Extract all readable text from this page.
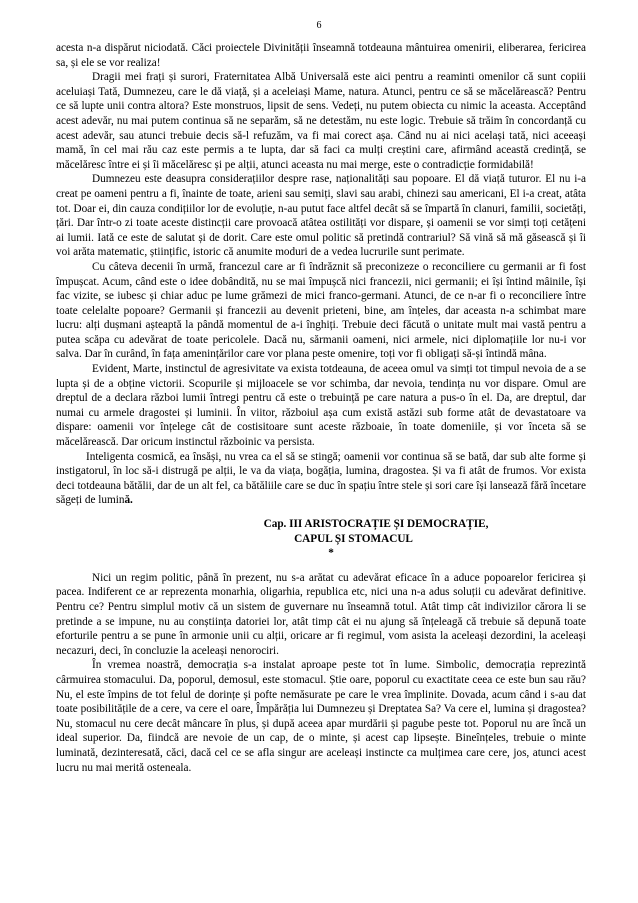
6

acesta n-a dispărut niciodată. Căci proiectele Divinității înseamnă totdeauna mântuirea omenirii, eliberarea, fericirea sa, și ele se vor realiza!

Dragii mei frați și surori, Fraternitatea Albă Universală este aici pentru a reaminti omenilor că sunt copiii aceluiași Tată, Dumnezeu, care le dă viață, și a aceleiași Mame, natura. Atunci, pentru ce să se măcelărească? Pentru ce să lupte unii contra altora? Este monstruos, lipsit de sens. Vedeți, nu putem obiecta cu nimic la aceasta. Acceptând acest adevăr, nu mai putem continua să ne separăm, să ne detestăm, nu este logic. Trebuie să trăim în concordanță cu acest adevăr, sau atunci trebuie decis să-l refuzăm, va fi mai corect așa. Când nu ai nici același tată, nici aceeași mamă, în cel mai rău caz este permis a te lupta, dar să faci ca mulți creștini care, afirmând această credință, se măcelăresc între ei și îi măcelăresc și pe alții, atunci aceasta nu mai merge, este o contradicție formidabilă!

Dumnezeu este deasupra considerațiilor despre rase, naționalități sau popoare. El dă viață tuturor. El nu i-a creat pe oameni pentru a fi, înainte de toate, arieni sau semiți, slavi sau arabi, chinezi sau americani, El i-a creat, atâta tot. Doar ei, din cauza condițiilor lor de evoluție, n-au putut face altfel decât să se împartă în clanuri, familii, societăți, țări. Dar într-o zi toate aceste distincții care provoacă atâtea ostilități vor dispare, și oamenii se vor simți toți cetățeni ai lumii. Iată ce este de salutat și de dorit. Care este omul politic să pretindă contrariul? Să vină să mă găsească și îi voi arăta matematic, științific, istoric că anumite moduri de a vedea lucrurile sunt perimate.

Cu câteva decenii în urmă, francezul care ar fi îndrăznit să preconizeze o reconciliere cu germanii ar fi fost împușcat. Acum, când este o idee dobândită, nu se mai împușcă nici francezii, nici germanii; ei își întind mâinile, își fac vizite, se iubesc și chiar aduc pe lume grămezi de mici franco-germani. Atunci, de ce n-ar fi o reconciliere între toate celelalte popoare? Germanii și francezii au devenit prieteni, bine, am înțeles, dar aceasta n-a schimbat mare lucru: alți dușmani așteaptă la pândă momentul de a-i înghiți. Trebuie deci făcută o unitate mult mai vastă pentru a putea scăpa cu adevărat de toate pericolele. Dacă nu, sărmanii oameni, nici armele, nici diplomațiile lor nu-i vor salva. Dar în curând, în fața amenințărilor care vor plana peste omenire, toți vor fi obligați să-și întindă mâna.

Evident, Marte, instinctul de agresivitate va exista totdeauna, de aceea omul va simți tot timpul nevoia de a se lupta și de a obține victorii. Scopurile și mijloacele se vor schimba, dar nevoia, tendința nu vor dispare. Omul are dreptul de a declara război lumii întregi pentru că este o trebuință pe care natura a pus-o în el. Da, are dreptul, dar numai cu armele dragostei și luminii. În viitor, războiul așa cum există astăzi sub forme atât de devastatoare va dispare: oamenii vor înțelege cât de costisitoare sunt aceste războaie, în toate domeniile, și vor înceta să se măcelărească. Dar oricum instinctul războinic va persista.

Inteligenta cosmică, ea însăși, nu vrea ca el să se stingă; oamenii vor continua să se bată, dar sub alte forme și instigatorul, în loc să-i distrugă pe alții, le va da viața, bogăția, lumina, dragostea. Și va fi atât de frumos. Vor exista deci totdeauna bătălii, dar de un alt fel, ca bătăliile care se duc în spațiu între stele și sori care își lansează fără încetare săgeți de lumină.

Cap. III ARISTOCRAȚIE ȘI DEMOCRAȚIE,
CAPUL ȘI STOMACUL
*

Nici un regim politic, până în prezent, nu s-a arătat cu adevărat eficace în a aduce popoarelor fericirea și pacea. Indiferent ce ar reprezenta monarhia, oligarhia, republica etc, nici una n-a adus soluții cu adevărat definitive. Pentru ce? Pentru simplul motiv că un sistem de guvernare nu înseamnă totul. Atât timp cât indivizilor cărora li se pretinde a se impune, nu au conștiința datoriei lor, atât timp cât ei nu ajung să înțeleagă că trebuie să depună toate eforturile pentru a se pune în armonie unii cu alții, oricare ar fi regimul, vom asista la aceleași dezordini, la aceleași necazuri, deci, în concluzie la aceleași nenorociri.

În vremea noastră, democrația s-a instalat aproape peste tot în lume. Simbolic, democrația reprezintă cârmuirea stomacului. Da, poporul, demosul, este stomacul. Știe oare, poporul cu exactitate ceea ce este bun sau rău? Nu, el este împins de tot felul de dorințe și pofte nemăsurate pe care le vrea împlinite. Dovada, acum când i s-au dat toate posibilitățile de a cere, va cere el oare, Împărăția lui Dumnezeu și Dreptatea Sa? Va cere el, lumina și dragostea? Nu, stomacul nu cere decât mâncare în plus, și după aceea apar murdării și pagube peste tot. Poporul nu are încă un ideal superior. Da, fiindcă are nevoie de un cap, de o minte, și acest cap lipsește. Bineînțeles, trebuie o minte luminată, dezinteresată, căci, dacă cel ce se afla singur are aceleași instincte ca mulțimea care cere, jos, atunci acest lucru nu mai merită osteneala.
